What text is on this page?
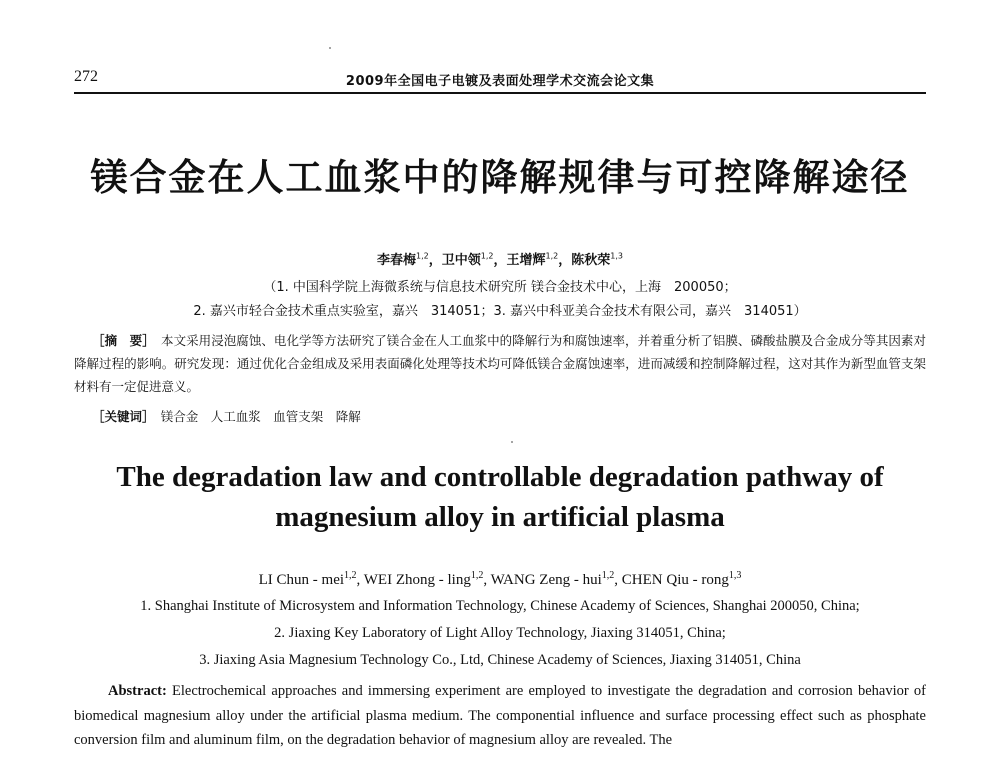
272	2009年全国电子电镀及表面处理学术交流会论文集
镁合金在人工血浆中的降解规律与可控降解途径
李春梅$^{1,2}$，卫中领$^{1,2}$，王增辉$^{1,2}$，陈秋荣$^{1,3}$
（1. 中国科学院上海微系统与信息技术研究所 镁合金技术中心，上海　200050；
2. 嘉兴市轻合金技术重点实验室，嘉兴　314051；3. 嘉兴中科亚美合金技术有限公司，嘉兴　314051）
［摘　要］　 本文采用浸泡腐蚀、电化学等方法研究了镁合金在人工血浆中的降解行为和腐蚀速率，并着重分析了铝膜、磷酸盐膜及合金成分等其因素对降解过程的影响。研究发现：通过优化合金组成及采用表面磷化处理等技术均可降低镁合金腐蚀速率，进而减缓和控制降解过程，这对其作为新型血管支架材料有一定促进意义。
［关键词］　 镁合金　人工血浆　血管支架　降解
The degradation law and controllable degradation pathway of
magnesium alloy in artificial plasma
LI Chun - mei$^{1,2}$, WEI Zhong - ling$^{1,2}$, WANG Zeng - hui$^{1,2}$, CHEN Qiu - rong$^{1,3}$
1. Shanghai Institute of Microsystem and Information Technology, Chinese Academy of Sciences, Shanghai 200050, China;
2. Jiaxing Key Laboratory of Light Alloy Technology, Jiaxing 314051, China;
3. Jiaxing Asia Magnesium Technology Co., Ltd, Chinese Academy of Sciences, Jiaxing 314051, China
Abstract: Electrochemical approaches and immersing experiment are employed to investigate the degradation and corrosion behavior of biomedical magnesium alloy under the artificial plasma medium. The componential influence and surface processing effect such as phosphate conversion film and aluminum film, on the degradation behavior of magnesium alloy are revealed. The
